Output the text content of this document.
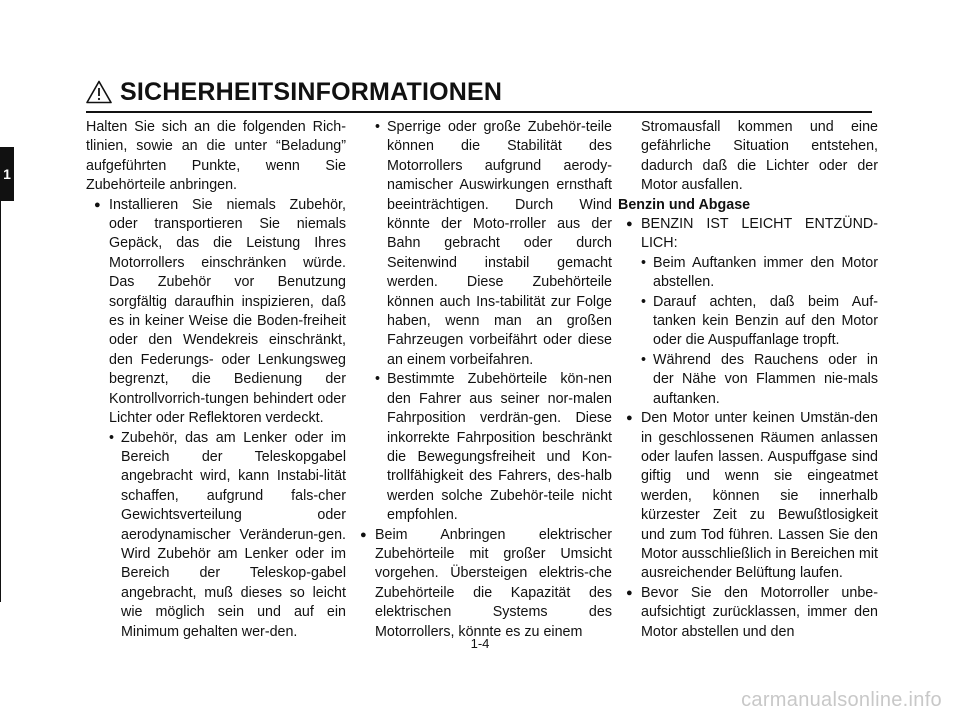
SICHERHEITSINFORMATIONEN
1

Halten Sie sich an die folgenden Rich-tlinien, sowie an die unter “Beladung” aufgeführten Punkte, wenn Sie Zubehörteile anbringen.

● Installieren Sie niemals Zubehör, oder transportieren Sie niemals Gepäck, das die Leistung Ihres Motorrollers einschränken würde. Das Zubehör vor Benutzung sorgfältig daraufhin inspizieren, daß es in keiner Weise die Boden-freiheit oder den Wendekreis einschränkt, den Federungs- oder Lenkungsweg begrenzt, die Bedienung der Kontrollvorrich-tungen behindert oder Lichter oder Reflektoren verdeckt.
• Zubehör, das am Lenker oder im Bereich der Teleskopgabel angebracht wird, kann Instabi-lität schaffen, aufgrund fals-cher Gewichtsverteilung oder aerodynamischer Veränderun-gen. Wird Zubehör am Lenker oder im Bereich der Teleskop-gabel angebracht, muß dieses so leicht wie möglich sein und auf ein Minimum gehalten wer-den.
• Sperrige oder große Zubehör-teile können die Stabilität des Motorrollers aufgrund aerody-namischer Auswirkungen ernsthaft beeinträchtigen. Durch Wind könnte der Moto-rroller aus der Bahn gebracht oder durch Seitenwind instabil gemacht werden. Diese Zubehörteile können auch Ins-tabilität zur Folge haben, wenn man an großen Fahrzeugen vorbeifährt oder diese an einem vorbeifahren.
• Bestimmte Zubehörteile kön-nen den Fahrer aus seiner nor-malen Fahrposition verdrän-gen. Diese inkorrekte Fahrposition beschränkt die Bewegungsfreiheit und Kon-trollfähigkeit des Fahrers, des-halb werden solche Zubehör-teile nicht empfohlen.
● Beim Anbringen elektrischer Zubehörteile mit großer Umsicht vorgehen. Übersteigen elektris-che Zubehörteile die Kapazität des elektrischen Systems des Motorrollers, könnte es zu einem

Stromausfall kommen und eine gefährliche Situation entstehen, dadurch daß die Lichter oder der Motor ausfallen.

Benzin und Abgase

● BENZIN IST LEICHT ENTZÜND-LICH:
• Beim Auftanken immer den Motor abstellen.
• Darauf achten, daß beim Auf-tanken kein Benzin auf den Motor oder die Auspuffanlage tropft.
• Während des Rauchens oder in der Nähe von Flammen nie-mals auftanken.
● Den Motor unter keinen Umstän-den in geschlossenen Räumen anlassen oder laufen lassen. Auspuffgase sind giftig und wenn sie eingeatmet werden, können sie innerhalb kürzester Zeit zu Bewußtlosigkeit und zum Tod führen. Lassen Sie den Motor ausschließlich in Bereichen mit ausreichender Belüftung laufen.
● Bevor Sie den Motorroller unbe-aufsichtigt zurücklassen, immer den Motor abstellen und den
1-4
carmanualsonline.info
